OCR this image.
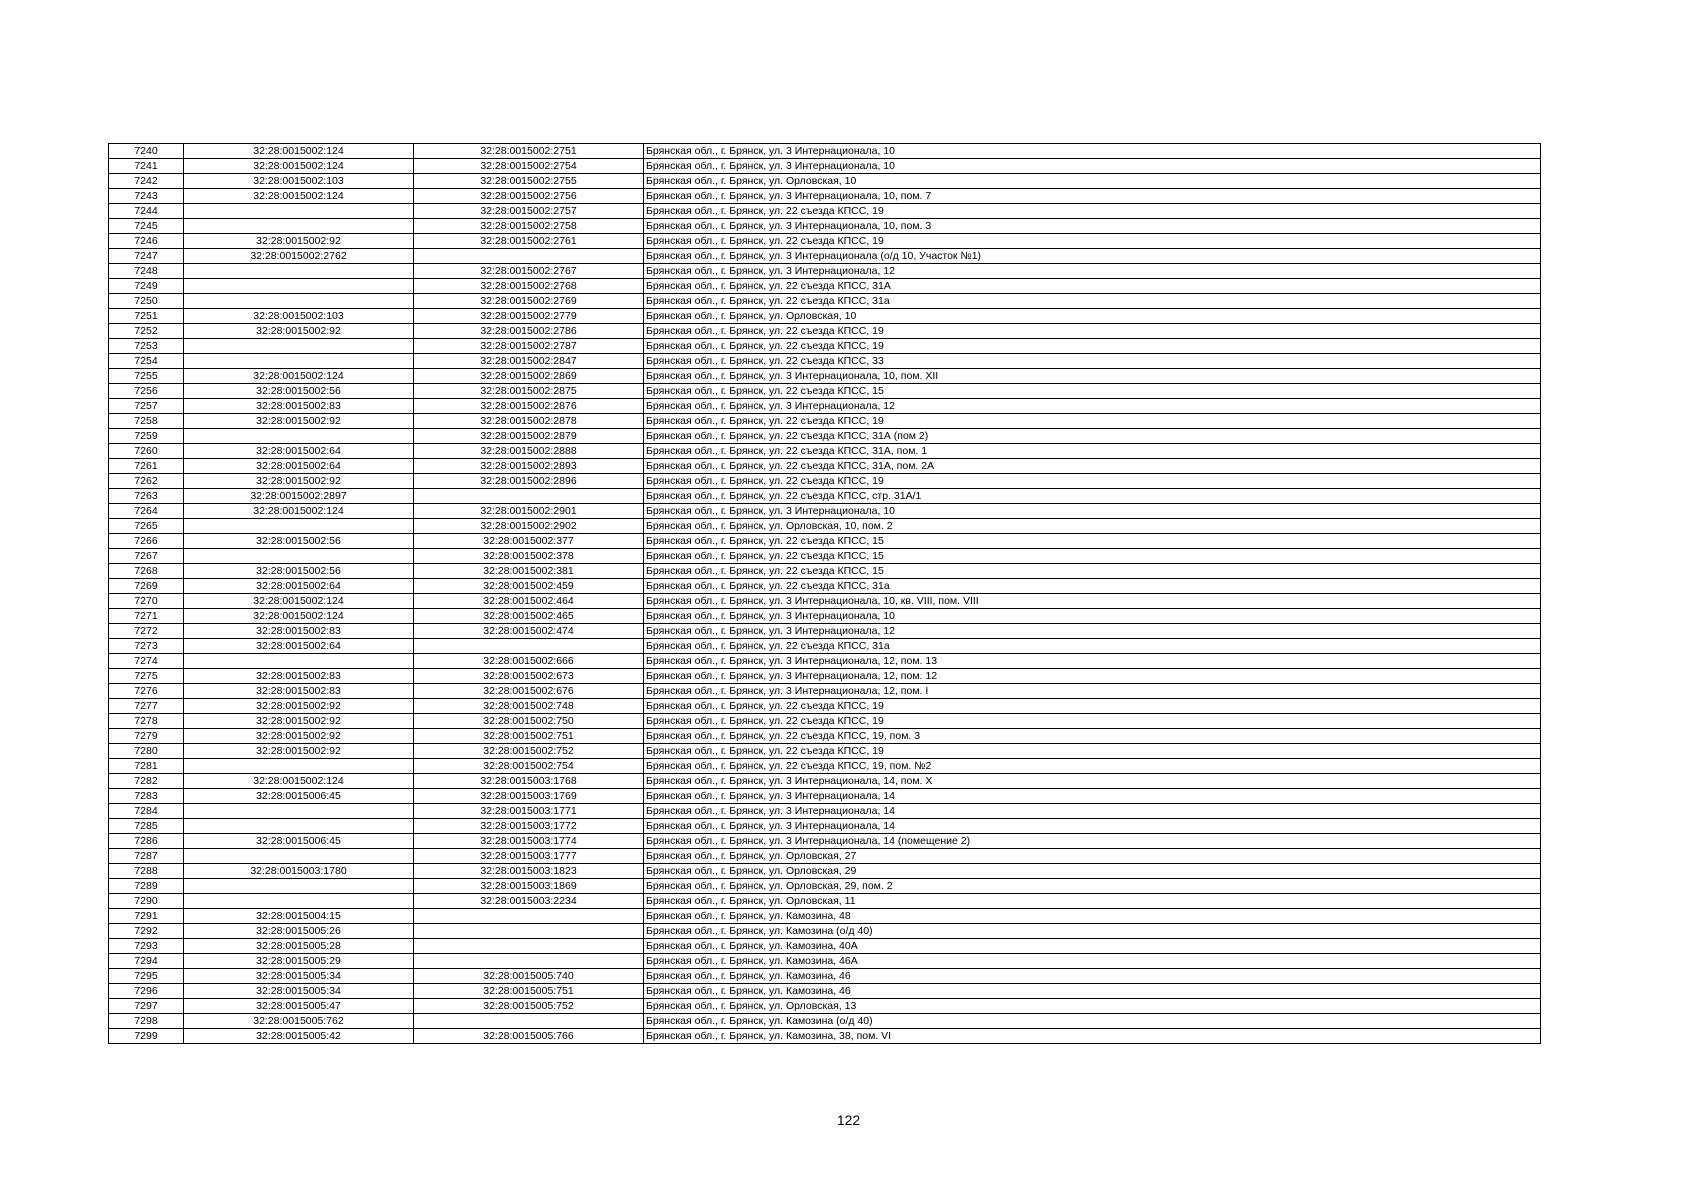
7240	32:28:0015002:124	32:28:0015002:2751	Брянская обл., г. Брянск, ул. 3 Интернационала, 10
7241	32:28:0015002:124	32:28:0015002:2754	Брянская обл., г. Брянск, ул. 3 Интернационала, 10
7242	32:28:0015002:103	32:28:0015002:2755	Брянская обл., г. Брянск, ул. Орловская, 10
7243	32:28:0015002:124	32:28:0015002:2756	Брянская обл., г. Брянск, ул. 3 Интернационала, 10, пом. 7
7244		32:28:0015002:2757	Брянская обл., г. Брянск, ул. 22 съезда КПСС, 19
7245		32:28:0015002:2758	Брянская обл., г. Брянск, ул. 3 Интернационала, 10, пом. 3
7246	32:28:0015002:92	32:28:0015002:2761	Брянская обл., г. Брянск, ул. 22 съезда КПСС, 19
7247	32:28:0015002:2762		Брянская обл., г. Брянск, ул. 3 Интернационала (о/д 10, Участок №1)
7248		32:28:0015002:2767	Брянская обл., г. Брянск, ул. 3 Интернационала, 12
7249		32:28:0015002:2768	Брянская обл., г. Брянск, ул. 22 съезда КПСС, 31А
7250		32:28:0015002:2769	Брянская обл., г. Брянск, ул. 22 съезда КПСС, 31а
7251	32:28:0015002:103	32:28:0015002:2779	Брянская обл., г. Брянск, ул. Орловская, 10
7252	32:28:0015002:92	32:28:0015002:2786	Брянская обл., г. Брянск, ул. 22 съезда КПСС, 19
7253		32:28:0015002:2787	Брянская обл., г. Брянск, ул. 22 съезда КПСС, 19
7254		32:28:0015002:2847	Брянская обл., г. Брянск, ул. 22 съезда КПСС, 33
7255	32:28:0015002:124	32:28:0015002:2869	Брянская обл., г. Брянск, ул. 3 Интернационала, 10, пом. XII
7256	32:28:0015002:56	32:28:0015002:2875	Брянская обл., г. Брянск, ул. 22 съезда КПСС, 15
7257	32:28:0015002:83	32:28:0015002:2876	Брянская обл., г. Брянск, ул. 3 Интернационала, 12
7258	32:28:0015002:92	32:28:0015002:2878	Брянская обл., г. Брянск, ул. 22 съезда КПСС, 19
7259		32:28:0015002:2879	Брянская обл., г. Брянск, ул. 22 съезда КПСС, 31А (пом 2)
7260	32:28:0015002:64	32:28:0015002:2888	Брянская обл., г. Брянск, ул. 22 съезда КПСС, 31А, пом. 1
7261	32:28:0015002:64	32:28:0015002:2893	Брянская обл., г. Брянск, ул. 22 съезда КПСС, 31А, пом. 2А
7262	32:28:0015002:92	32:28:0015002:2896	Брянская обл., г. Брянск, ул. 22 съезда КПСС, 19
7263	32:28:0015002:2897		Брянская обл., г. Брянск, ул. 22 съезда КПСС, стр. 31А/1
7264	32:28:0015002:124	32:28:0015002:2901	Брянская обл., г. Брянск, ул. 3 Интернационала, 10
7265		32:28:0015002:2902	Брянская обл., г. Брянск, ул. Орловская, 10, пом. 2
7266	32:28:0015002:56	32:28:0015002:377	Брянская обл., г. Брянск, ул. 22 съезда КПСС, 15
7267		32:28:0015002:378	Брянская обл., г. Брянск, ул. 22 съезда КПСС, 15
7268	32:28:0015002:56	32:28:0015002:381	Брянская обл., г. Брянск, ул. 22 съезда КПСС, 15
7269	32:28:0015002:64	32:28:0015002:459	Брянская обл., г. Брянск, ул. 22 съезда КПСС, 31а
7270	32:28:0015002:124	32:28:0015002:464	Брянская обл., г. Брянск, ул. 3 Интернационала, 10, кв. VIII, пом. VIII
7271	32:28:0015002:124	32:28:0015002:465	Брянская обл., г. Брянск, ул. 3 Интернационала, 10
7272	32:28:0015002:83	32:28:0015002:474	Брянская обл., г. Брянск, ул. 3 Интернационала, 12
7273	32:28:0015002:64		Брянская обл., г. Брянск, ул. 22 съезда КПСС, 31а
7274		32:28:0015002:666	Брянская обл., г. Брянск, ул. 3 Интернационала, 12, пом. 13
7275	32:28:0015002:83	32:28:0015002:673	Брянская обл., г. Брянск, ул. 3 Интернационала, 12, пом. 12
7276	32:28:0015002:83	32:28:0015002:676	Брянская обл., г. Брянск, ул. 3 Интернационала, 12, пом. I
7277	32:28:0015002:92	32:28:0015002:748	Брянская обл., г. Брянск, ул. 22 съезда КПСС, 19
7278	32:28:0015002:92	32:28:0015002:750	Брянская обл., г. Брянск, ул. 22 съезда КПСС, 19
7279	32:28:0015002:92	32:28:0015002:751	Брянская обл., г. Брянск, ул. 22 съезда КПСС, 19, пом. 3
7280	32:28:0015002:92	32:28:0015002:752	Брянская обл., г. Брянск, ул. 22 съезда КПСС, 19
7281		32:28:0015002:754	Брянская обл., г. Брянск, ул. 22 съезда КПСС, 19, пом. №2
7282	32:28:0015002:124	32:28:0015003:1768	Брянская обл., г. Брянск, ул. 3 Интернационала, 14, пом. X
7283	32:28:0015006:45	32:28:0015003:1769	Брянская обл., г. Брянск, ул. 3 Интернационала, 14
7284		32:28:0015003:1771	Брянская обл., г. Брянск, ул. 3 Интернационала, 14
7285		32:28:0015003:1772	Брянская обл., г. Брянск, ул. 3 Интернационала, 14
7286	32:28:0015006:45	32:28:0015003:1774	Брянская обл., г. Брянск, ул. 3 Интернационала, 14 (помещение 2)
7287		32:28:0015003:1777	Брянская обл., г. Брянск, ул. Орловская, 27
7288	32:28:0015003:1780	32:28:0015003:1823	Брянская обл., г. Брянск, ул. Орловская, 29
7289		32:28:0015003:1869	Брянская обл., г. Брянск, ул. Орловская, 29, пом. 2
7290		32:28:0015003:2234	Брянская обл., г. Брянск, ул. Орловская, 11
7291	32:28:0015004:15		Брянская обл., г. Брянск, ул. Камозина, 48
7292	32:28:0015005:26		Брянская обл., г. Брянск, ул. Камозина (о/д 40)
7293	32:28:0015005:28		Брянская обл., г. Брянск, ул. Камозина, 40А
7294	32:28:0015005:29		Брянская обл., г. Брянск, ул. Камозина, 46А
7295	32:28:0015005:34	32:28:0015005:740	Брянская обл., г. Брянск, ул. Камозина, 46
7296	32:28:0015005:34	32:28:0015005:751	Брянская обл., г. Брянск, ул. Камозина, 46
7297	32:28:0015005:47	32:28:0015005:752	Брянская обл., г. Брянск, ул. Орловская, 13
7298	32:28:0015005:762		Брянская обл., г. Брянск, ул. Камозина (о/д 40)
7299	32:28:0015005:42	32:28:0015005:766	Брянская обл., г. Брянск, ул. Камозина, 38, пом. VI
122
